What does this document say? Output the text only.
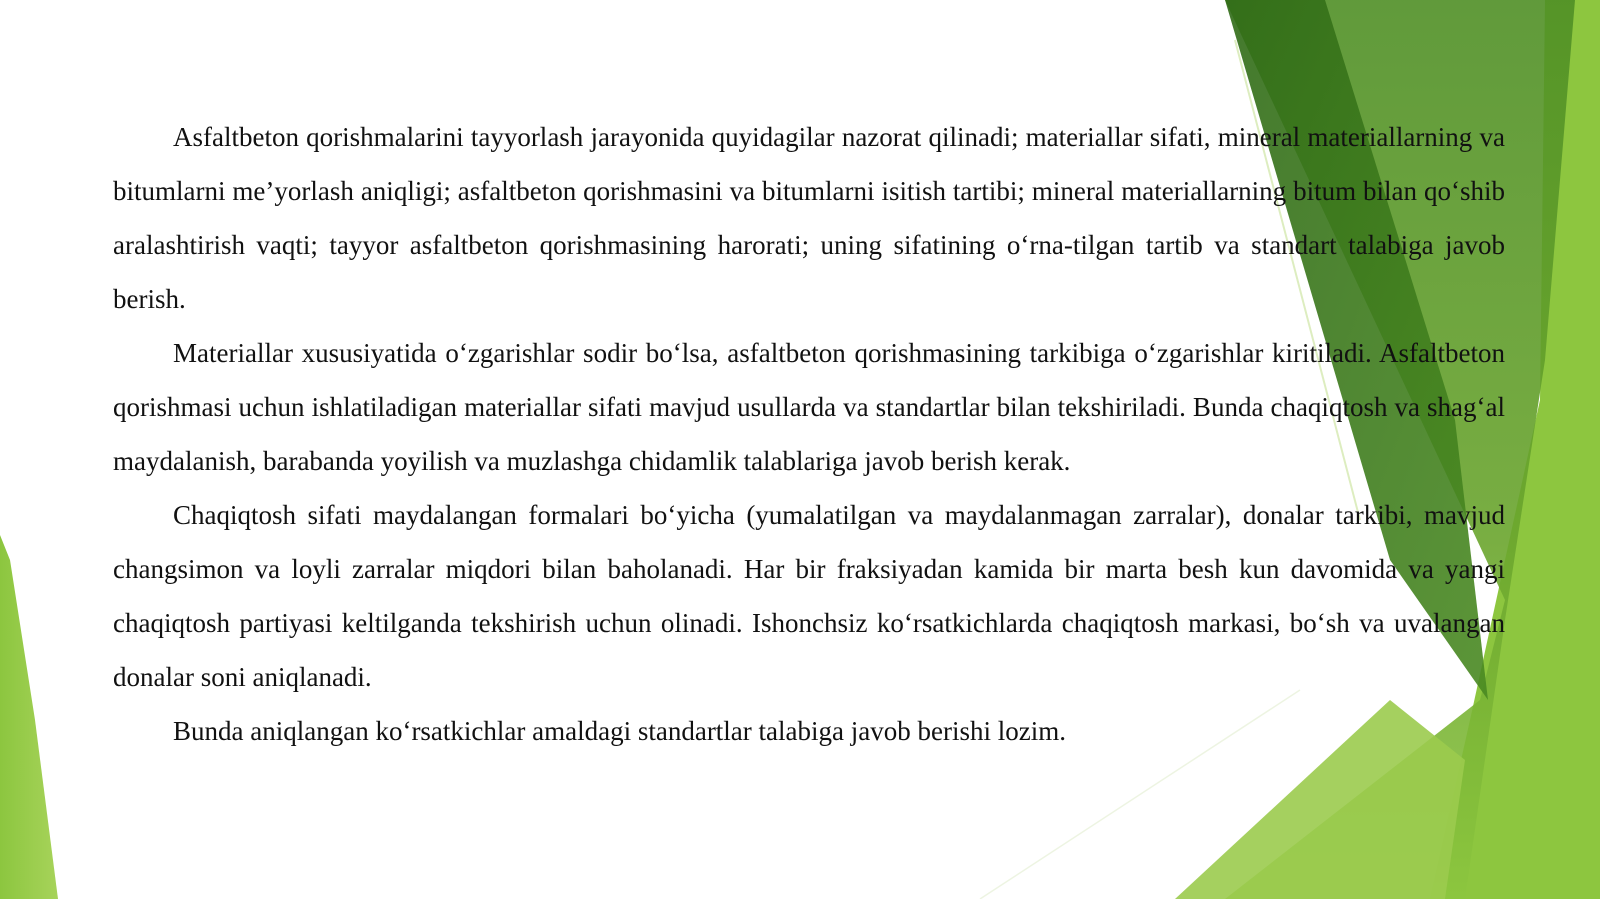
Asfaltbeton qorishmalarini tayyorlash jarayonida quyidagilar nazorat qilinadi; materiallar sifati, mineral materiallarning va bitumlarni me’yorlash aniqligi; asfaltbeton qorishmasini va bitumlarni isitish tartibi; mineral materiallarning bitum bilan qo‘shib aralashtirish vaqti; tayyor asfaltbeton qorishmasining harorati; uning sifatining o‘rna-tilgan tartib va standart talabiga javob berish.

Materiallar xususiyatida o‘zgarishlar sodir bo‘lsa, asfaltbeton qorishmasining tarkibiga o‘zgarishlar kiritiladi. Asfaltbeton qorishmasi uchun ishlatiladigan materiallar sifati mavjud usullarda va standartlar bilan tekshiriladi. Bunda chaqiqtosh va shag‘al maydalanish, barabanda yoyilish va muzlashga chidamlik talablariga javob berish kerak.

Chaqiqtosh sifati maydalangan formalari bo‘yicha (yumalatilgan va maydalanmagan zarralar), donalar tarkibi, mavjud changsimon va loyli zarralar miqdori bilan baholanadi. Har bir fraksiyadan kamida bir marta besh kun davomida va yangi chaqiqtosh partiyasi keltilganda tekshirish uchun olinadi. Ishonchsiz ko‘rsatkichlarda chaqiqtosh markasi, bo‘sh va uvalangan donalar soni aniqlanadi.

Bunda aniqlangan ko‘rsatkichlar amaldagi standartlar talabiga javob berishi lozim.
